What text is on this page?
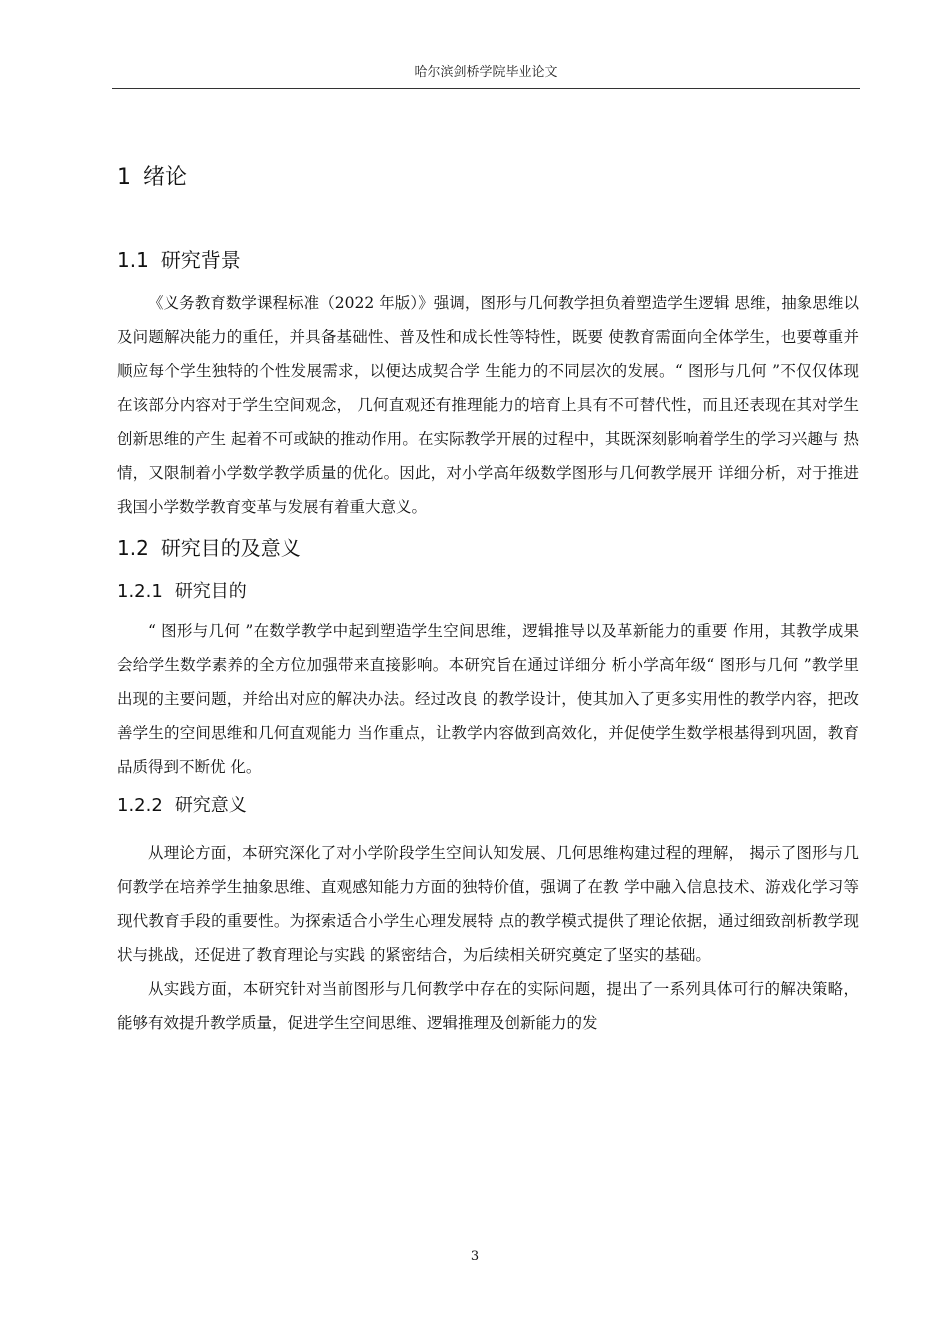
哈尔滨剑桥学院毕业论文
1 绪论
1.1 研究背景

《义务教育数学课程标准（2022 年版）》强调，图形与几何教学担负着塑造学生逻辑 思维，抽象思维以及问题解决能力的重任，并具备基础性、普及性和成长性等特性，既要 使教育需面向全体学生，也要尊重并顺应每个学生独特的个性发展需求，以便达成契合学 生能力的不同层次的发展。“ 图形与几何 ”不仅仅体现在该部分内容对于学生空间观念， 几何直观还有推理能力的培育上具有不可替代性，而且还表现在其对学生创新思维的产生 起着不可或缺的推动作用。在实际教学开展的过程中，其既深刻影响着学生的学习兴趣与 热情，又限制着小学数学教学质量的优化。因此，对小学高年级数学图形与几何教学展开 详细分析，对于推进我国小学数学教育变革与发展有着重大意义。

1.2 研究目的及意义
1.2.1 研究目的

“ 图形与几何 ”在数学教学中起到塑造学生空间思维，逻辑推导以及革新能力的重要 作用，其教学成果会给学生数学素养的全方位加强带来直接影响。本研究旨在通过详细分 析小学高年级“ 图形与几何 ”教学里出现的主要问题，并给出对应的解决办法。经过改良 的教学设计，使其加入了更多实用性的教学内容，把改善学生的空间思维和几何直观能力 当作重点，让教学内容做到高效化，并促使学生数学根基得到巩固，教育品质得到不断优 化。

1.2.2 研究意义

从理论方面，本研究深化了对小学阶段学生空间认知发展、几何思维构建过程的理解， 揭示了图形与几何教学在培养学生抽象思维、直观感知能力方面的独特价值，强调了在教 学中融入信息技术、游戏化学习等现代教育手段的重要性。为探索适合小学生心理发展特 点的教学模式提供了理论依据，通过细致剖析教学现状与挑战，还促进了教育理论与实践 的紧密结合，为后续相关研究奠定了坚实的基础。

从实践方面，本研究针对当前图形与几何教学中存在的实际问题，提出了一系列具体可行的解决策略，能够有效提升教学质量，促进学生空间思维、逻辑推理及创新能力的发

3
